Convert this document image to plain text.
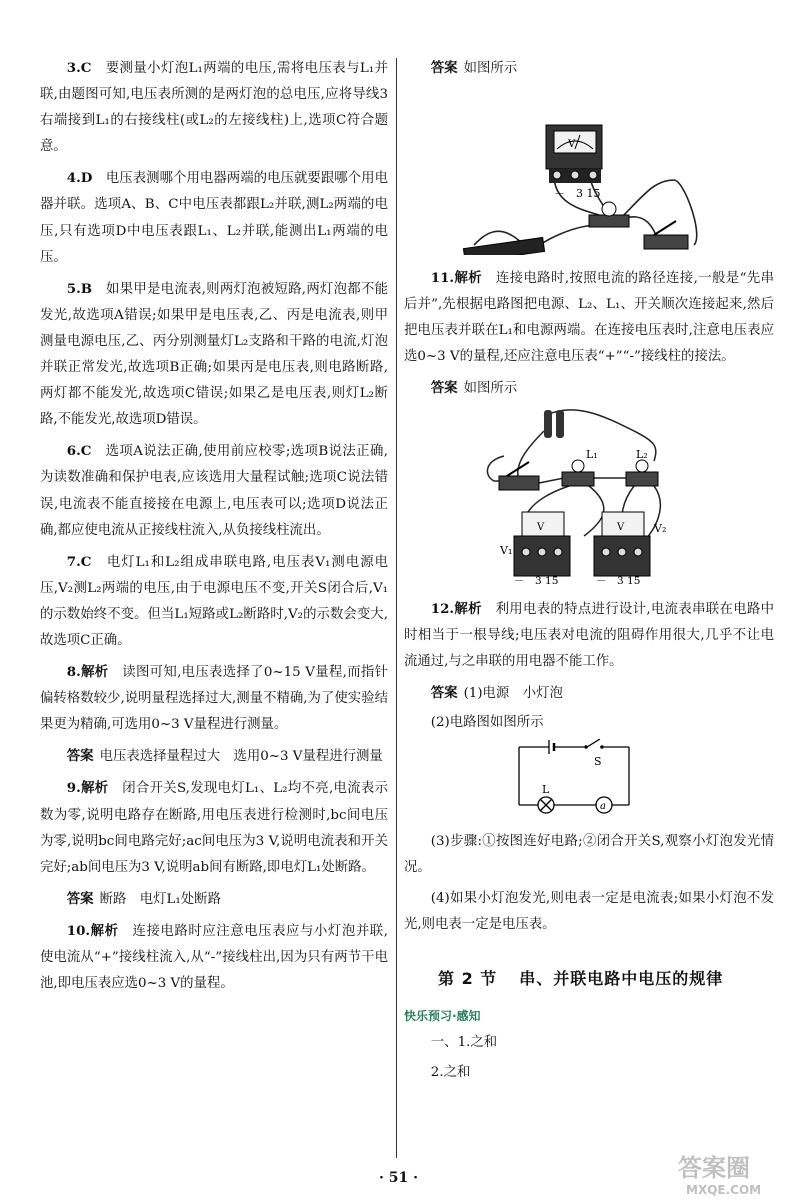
3.C　 要测量小灯泡L₁两端的电压,需将电压表与L₁并联,由题图可知,电压表所测的是两灯泡的总电压,应将导线3右端接到L₁的右接线柱(或L₂的左接线柱)上,选项C符合题意。

4.D　 电压表测哪个用电器两端的电压就要跟哪个用电器并联。选项A、B、C中电压表都跟L₂并联,测L₂两端的电压,只有选项D中电压表跟L₁、L₂并联,能测出L₁两端的电压。

5.B　 如果甲是电流表,则两灯泡被短路,两灯泡都不能发光,故选项A错误;如果甲是电压表,乙、丙是电流表,则甲测量电源电压,乙、丙分别测量灯L₂支路和干路的电流,灯泡并联正常发光,故选项B正确;如果丙是电压表,则电路断路,两灯都不能发光,故选项C错误;如果乙是电压表,则灯L₂断路,不能发光,故选项D错误。

6.C　 选项A说法正确,使用前应校零;选项B说法正确,为读数准确和保护电表,应该选用大量程试触;选项C说法错误,电流表不能直接接在电源上,电压表可以;选项D说法正确,都应使电流从正接线柱流入,从负接线柱流出。

7.C　 电灯L₁和L₂组成串联电路,电压表V₁测电源电压,V₂测L₂两端的电压,由于电源电压不变,开关S闭合后,V₁的示数始终不变。但当L₁短路或L₂断路时,V₂的示数会变大,故选项C正确。

8.解析　 读图可知,电压表选择了0~15 V量程,而指针偏转格数较少,说明量程选择过大,测量不精确,为了使实验结果更为精确,可选用0~3 V量程进行测量。

答案 电压表选择量程过大　选用0~3 V量程进行测量

9.解析　 闭合开关S,发现电灯L₁、L₂均不亮,电流表示数为零,说明电路存在断路,用电压表进行检测时,bc间电压为零,说明bc间电路完好;ac间电压为3 V,说明电流表和开关完好;ab间电压为3 V,说明ab间有断路,即电灯L₁处断路。

答案 断路　电灯L₁处断路

10.解析　 连接电路时应注意电压表应与小灯泡并联,使电流从“+”接线柱流入,从“-”接线柱出,因为只有两节干电池,即电压表应选0~3 V的量程。

答案 如图所示

V
－　3 15

11.解析　 连接电路时,按照电流的路径连接,一般是“先串后并”,先根据电路图把电源、L₂、L₁、开关顺次连接起来,然后把电压表并联在L₁和电源两端。在连接电压表时,注意电压表应选0~3 V的量程,还应注意电压表“+”“-”接线柱的接法。

答案 如图所示

L₁	L₂
V
V₁
－　3 15
V	V₂
－　3 15

12.解析　 利用电表的特点进行设计,电流表串联在电路中时相当于一根导线;电压表对电流的阻碍作用很大,几乎不让电流通过,与之串联的用电器不能工作。

答案 (1)电源　小灯泡

(2)电路图如图所示

S
L
a

(3)步骤:①按图连好电路;②闭合开关S,观察小灯泡发光情况。

(4)如果小灯泡发光,则电表一定是电流表;如果小灯泡不发光,则电表一定是电压表。

第 2 节 串、并联电路中电压的规律
快乐预习·感知

一、1.之和

2.之和

· 51 ·	答案圈
MXQE.COM
